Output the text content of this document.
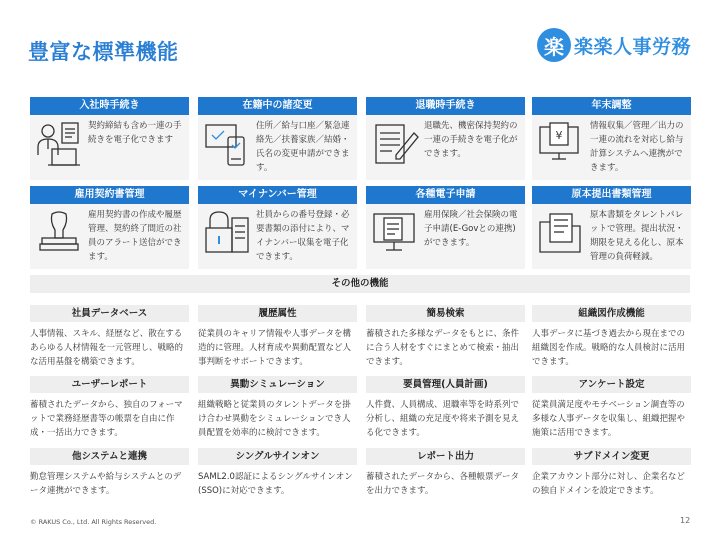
豊富な標準機能	楽 楽楽人事労務
入社時手続き
契約締結も含め一連の手続きを電子化できます
在籍中の諸変更
住所／給与口座／緊急連絡先／扶養家族／結婚・氏名の変更申請ができます。
退職時手続き
退職先、機密保持契約の一連の手続きを電子化ができます。
年末調整
¥
情報収集／管理／出力の一連の流れを対応し給与計算システムへ連携ができます。
雇用契約書管理
雇用契約書の作成や履歴管理、契約終了間近の社員のアラート送信ができます。
マイナンバー管理
社員からの番号登録・必要書類の添付により、マイナンバー収集を電子化できます。
各種電子申請
雇用保険／社会保険の電子申請(E-Govとの連携)ができます。
原本提出書類管理
原本書類をタレントパレットで管理。提出状況・期限を見える化し、原本管理の負荷軽減。
その他の機能
社員データベース
人事情報、スキル、経歴など、散在するあらゆる人材情報を一元管理し、戦略的な活用基盤を構築できます。
履歴属性
従業員のキャリア情報や人事データを構造的に管理。人材育成や異動配置など人事判断をサポートできます。
簡易検索
蓄積された多様なデータをもとに、条件に合う人材をすぐにまとめて検索・抽出できます。
組織図作成機能
人事データに基づき過去から現在までの組織図を作成。戦略的な人員検討に活用できます。
ユーザーレポート
蓄積されたデータから、独自のフォーマットで業務経歴書等の帳票を自由に作成・一括出力できます。
異動シミュレーション
組織戦略と従業員のタレントデータを掛け合わせ異動をシミュレーションでき人員配置を効率的に検討できます。
要員管理(人員計画)
人件費、人員構成、退職率等を時系列で分析し、組織の充足度や将来予測を見える化できます。
アンケート設定
従業員満足度やモチベーション調査等の多様な人事データを収集し、組織把握や施策に活用できます。
他システムと連携
勤怠管理システムや給与システムとのデータ連携ができます。
シングルサインオン
SAML2.0認証によるシングルサインオン(SSO)に対応できます。
レポート出力
蓄積されたデータから、各種帳票データを出力できます。
サブドメイン変更
企業アカウント部分に対し、企業名などの独自ドメインを設定できます。
© RAKUS Co., Ltd. All Rights Reserved.	12
